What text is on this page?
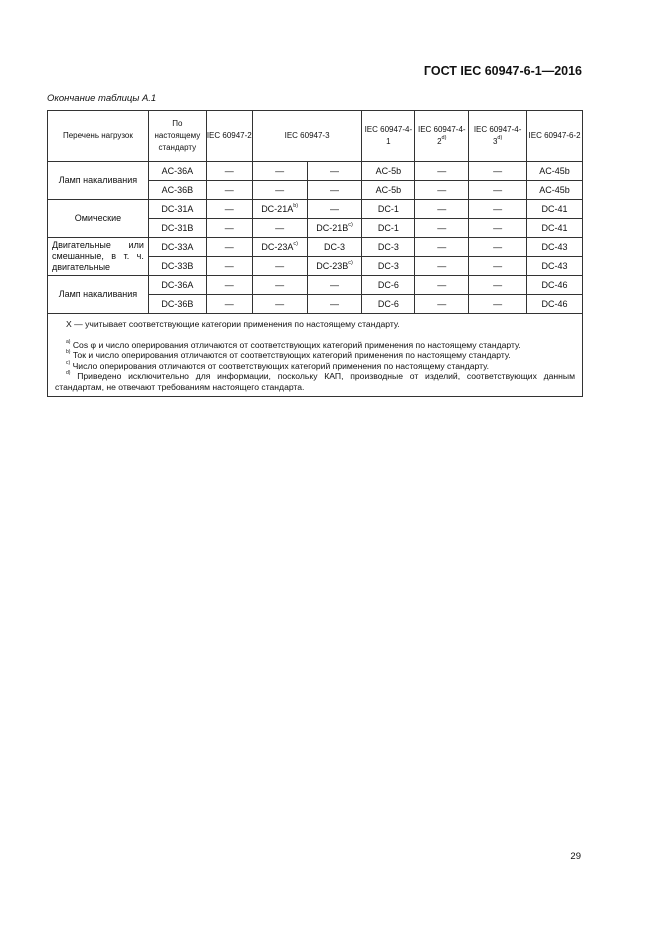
ГОСТ IEC 60947-6-1—2016
Окончание таблицы А.1
Перечень нагрузок	По настоящему стандарту	IEC 60947-2	IEC 60947-3		IEC 60947-4-1	IEC 60947-4-2$^{d)}$	IEC 60947-4-3$^{d)}$	IEC 60947-6-2
Ламп накаливания	AC-36A	—	—	—	AC-5b	—	—	AC-45b
	AC-36B	—	—	—	AC-5b	—	—	AC-45b
Омические	DC-31A	—	$DC-21A^{b)}$	—	DC-1	—	—	DC-41
	DC-31B	—	—	$DC-21B^{c)}$	DC-1	—	—	DC-41
Двигательные или смешанные, в т. ч. двигательные	DC-33A	—	$DC-23A^{c)}$	DC-3	DC-3	—	—	DC-43
	DC-33B	—	—	$DC-23B^{c)}$	DC-3	—	—	DC-43
Ламп накаливания	DC-36A	—	—	—	DC-6	—	—	DC-46
	DC-36B	—	—	—	DC-6	—	—	DC-46

X — учитывает соответствующие категории применения по настоящему стандарту.

$^{a)}$ Cos φ и число оперирования отличаются от соответствующих категорий применения по настоящему стандарту.

$^{b)}$ Ток и число оперирования отличаются от соответствующих категорий применения по настоящему стандарту.

$^{c)}$ Число оперирования отличаются от соответствующих категорий применения по настоящему стандарту.

$^{d)}$ Приведено исключительно для информации, поскольку КАП, производные от изделий, соответствующих данным стандартам, не отвечают требованиям настоящего стандарта.								

29
